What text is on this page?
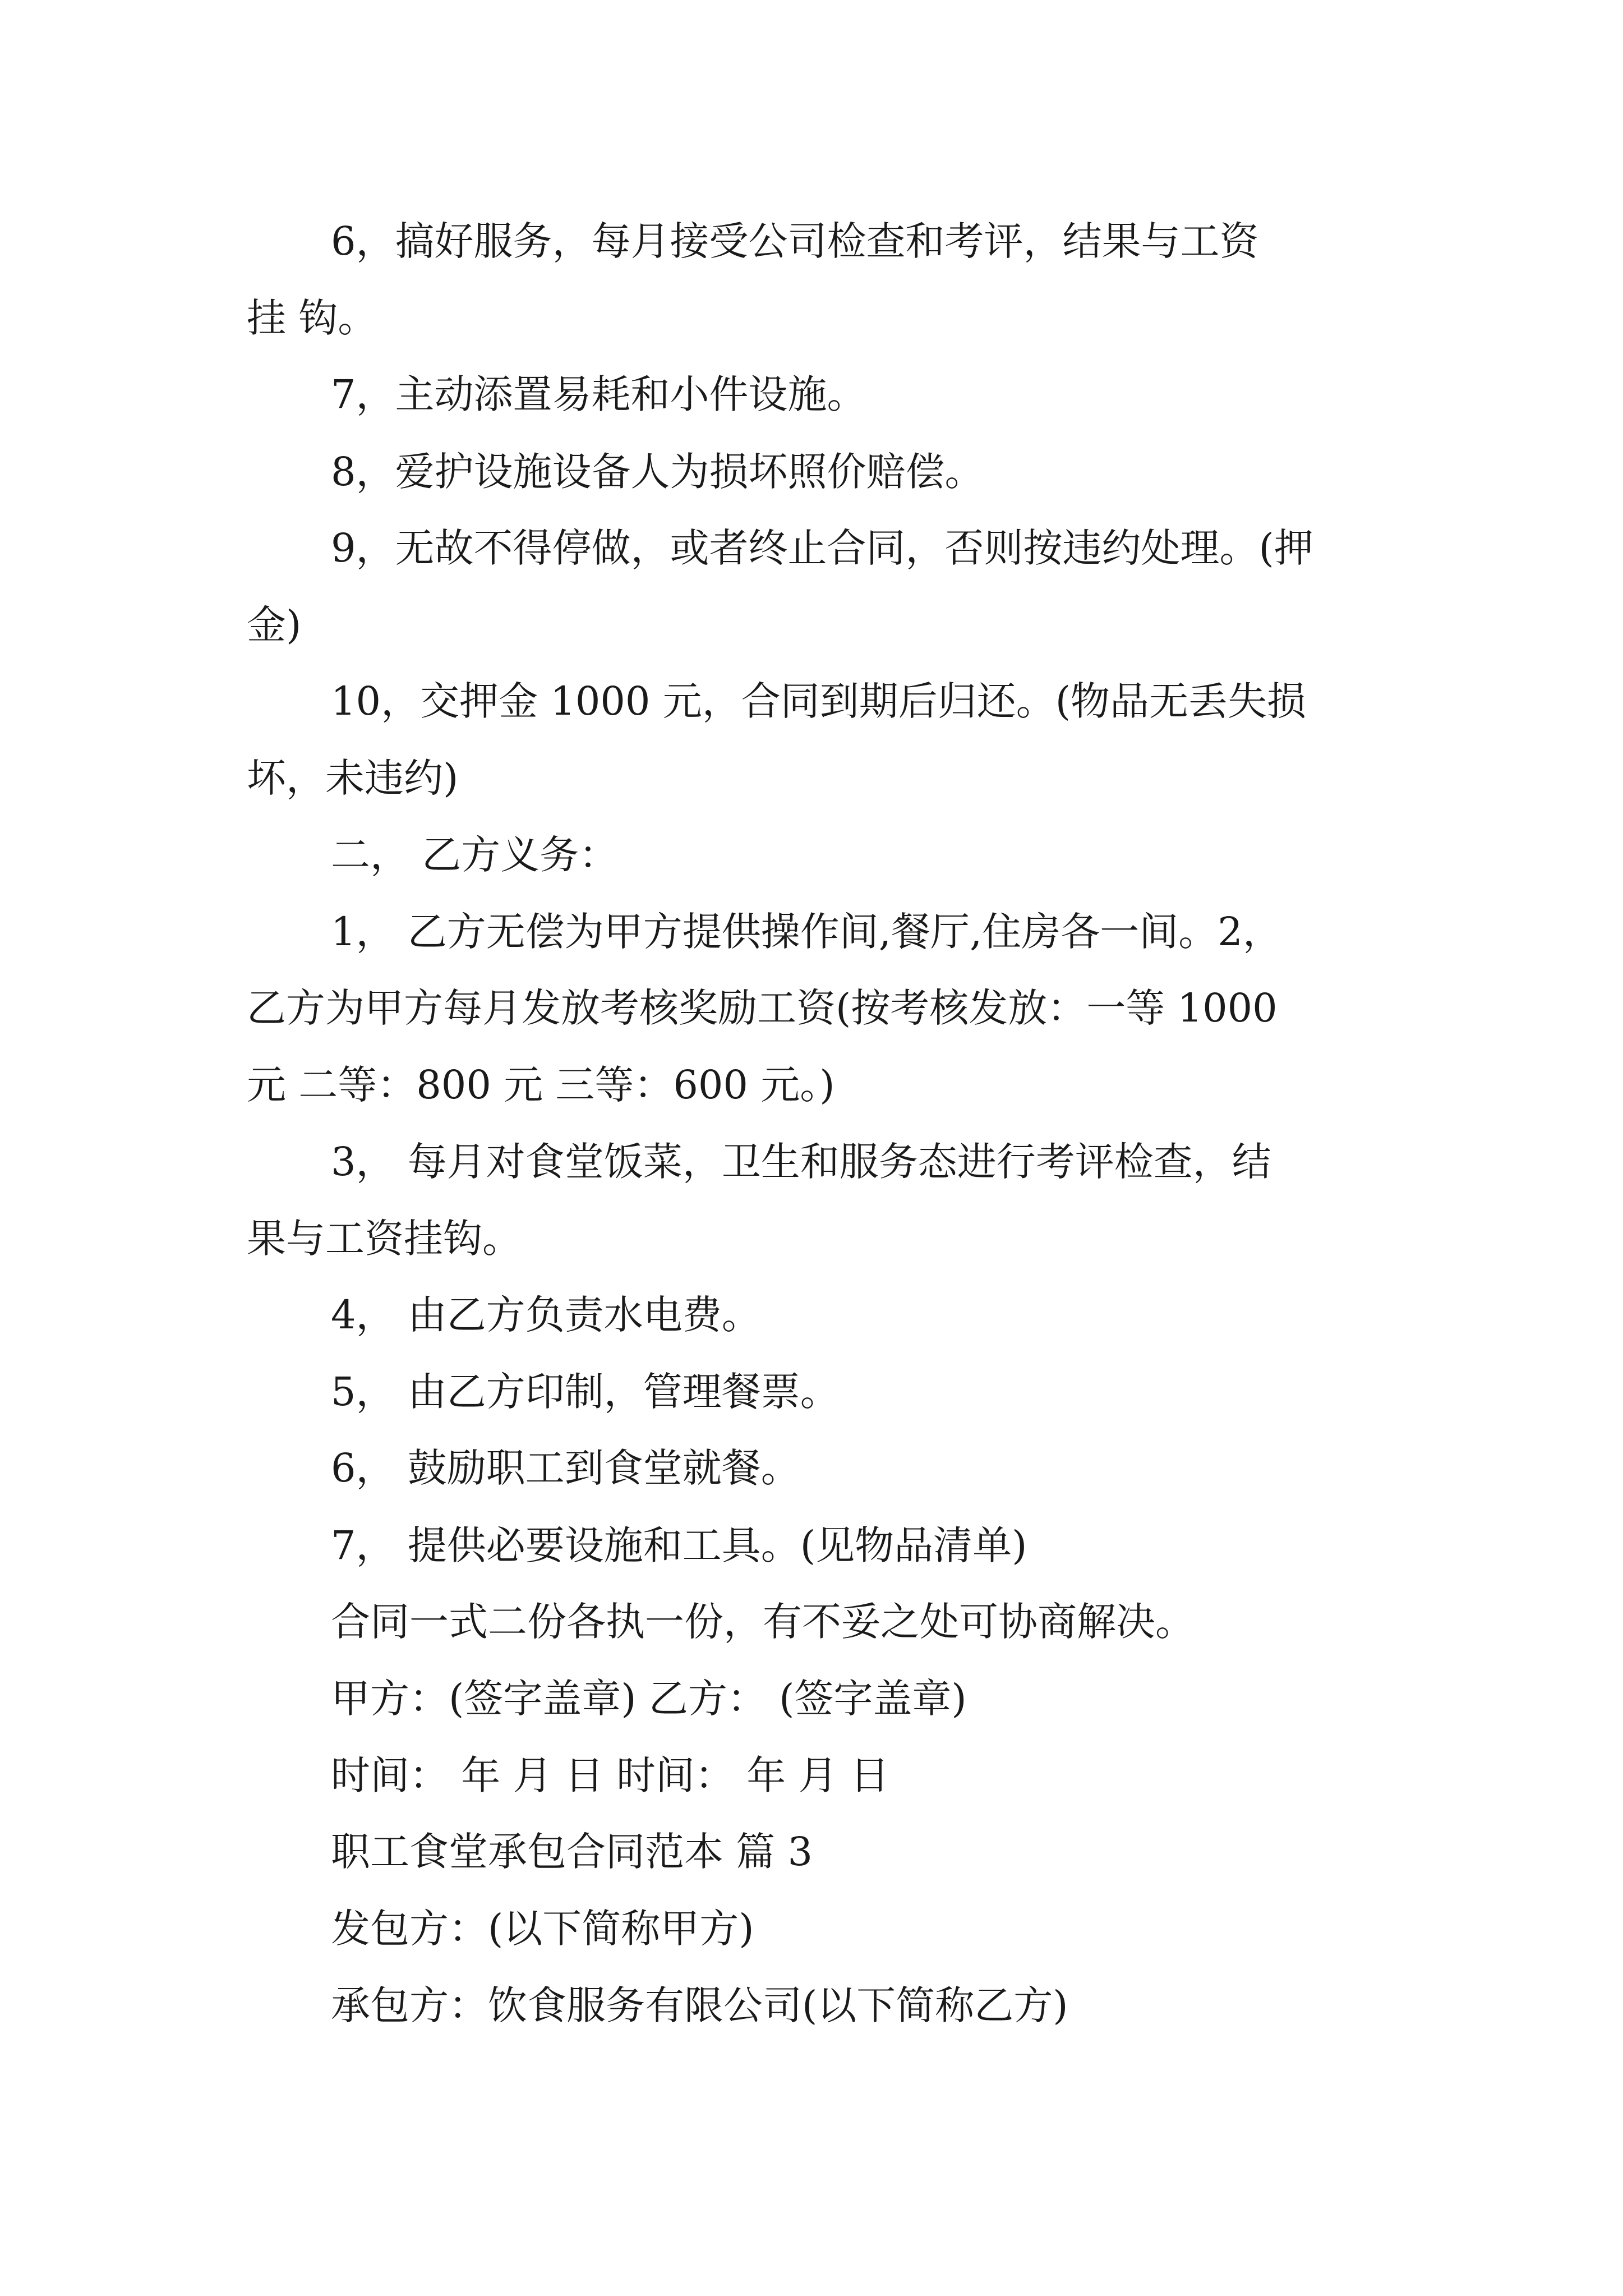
6，搞好服务，每月接受公司检查和考评，结果与工资
挂 钩。
7，主动添置易耗和小件设施。
8，爱护设施设备人为损坏照价赔偿。
9，无故不得停做，或者终止合同，否则按违约处理。(押
金)
10，交押金 1000 元，合同到期后归还。(物品无丢失损
坏，未违约)
二， 乙方义务：
1， 乙方无偿为甲方提供操作间,餐厅,住房各一间。2，
乙方为甲方每月发放考核奖励工资(按考核发放：一等 1000
元 二等：800 元 三等：600 元。)
3， 每月对食堂饭菜，卫生和服务态进行考评检查，结
果与工资挂钩。
4， 由乙方负责水电费。
5， 由乙方印制，管理餐票。
6， 鼓励职工到食堂就餐。
7， 提供必要设施和工具。(见物品清单)
合同一式二份各执一份，有不妥之处可协商解决。
甲方：(签字盖章) 乙方： (签字盖章)
时间： 年 月 日 时间： 年 月 日
职工食堂承包合同范本 篇 3
发包方：(以下简称甲方)
承包方：饮食服务有限公司(以下简称乙方)
